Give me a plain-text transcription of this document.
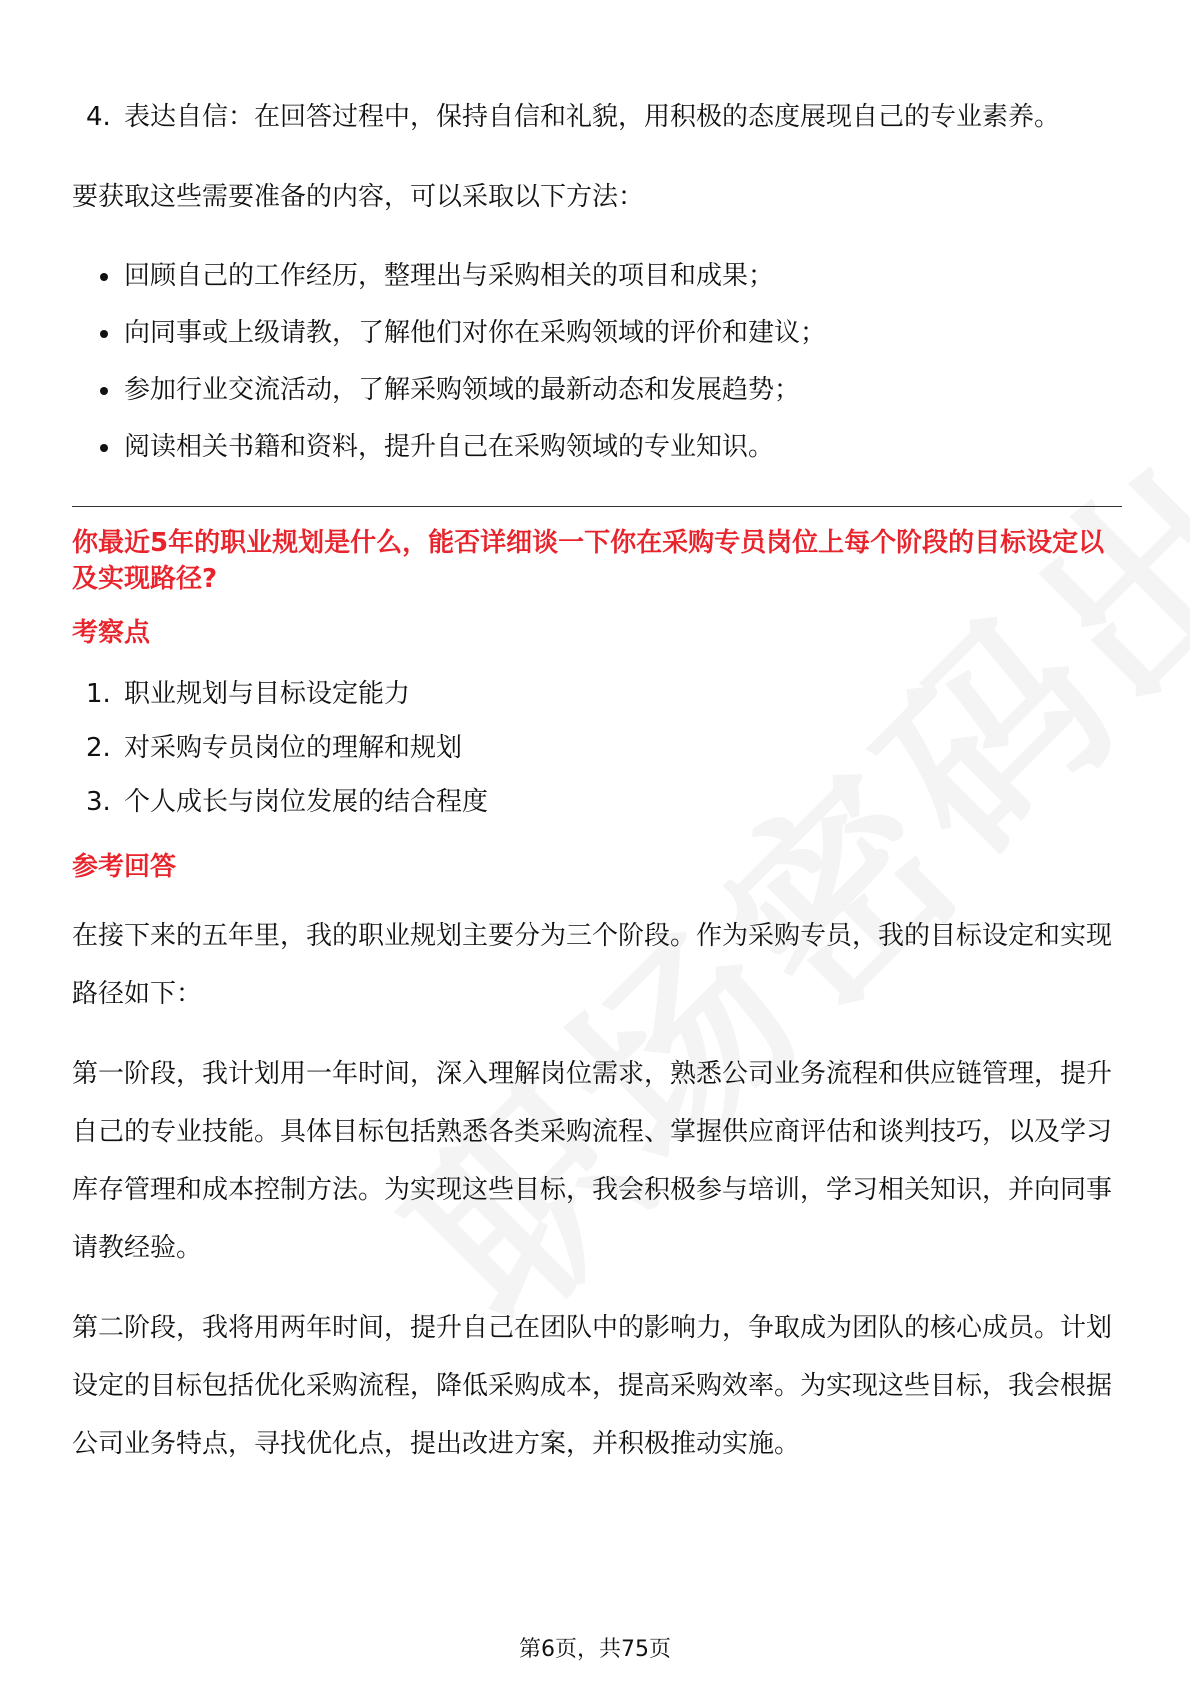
4. 表达自信：在回答过程中，保持自信和礼貌，用积极的态度展现自己的专业素养。

要获取这些需要准备的内容，可以采取以下方法：

回顾自己的工作经历，整理出与采购相关的项目和成果；
向同事或上级请教，了解他们对你在采购领域的评价和建议；
参加行业交流活动，了解采购领域的最新动态和发展趋势；
阅读相关书籍和资料，提升自己在采购领域的专业知识。

你最近5年的职业规划是什么，能否详细谈一下你在采购专员岗位上每个阶段的目标设定以及实现路径?

考察点

1. 职业规划与目标设定能力
2. 对采购专员岗位的理解和规划
3. 个人成长与岗位发展的结合程度

参考回答

在接下来的五年里，我的职业规划主要分为三个阶段。作为采购专员，我的目标设定和实现路径如下：

第一阶段，我计划用一年时间，深入理解岗位需求，熟悉公司业务流程和供应链管理，提升自己的专业技能。具体目标包括熟悉各类采购流程、掌握供应商评估和谈判技巧，以及学习库存管理和成本控制方法。为实现这些目标，我会积极参与培训，学习相关知识，并向同事请教经验。

第二阶段，我将用两年时间，提升自己在团队中的影响力，争取成为团队的核心成员。计划设定的目标包括优化采购流程，降低采购成本，提高采购效率。为实现这些目标，我会根据公司业务特点，寻找优化点，提出改进方案，并积极推动实施。

第6页，共75页
